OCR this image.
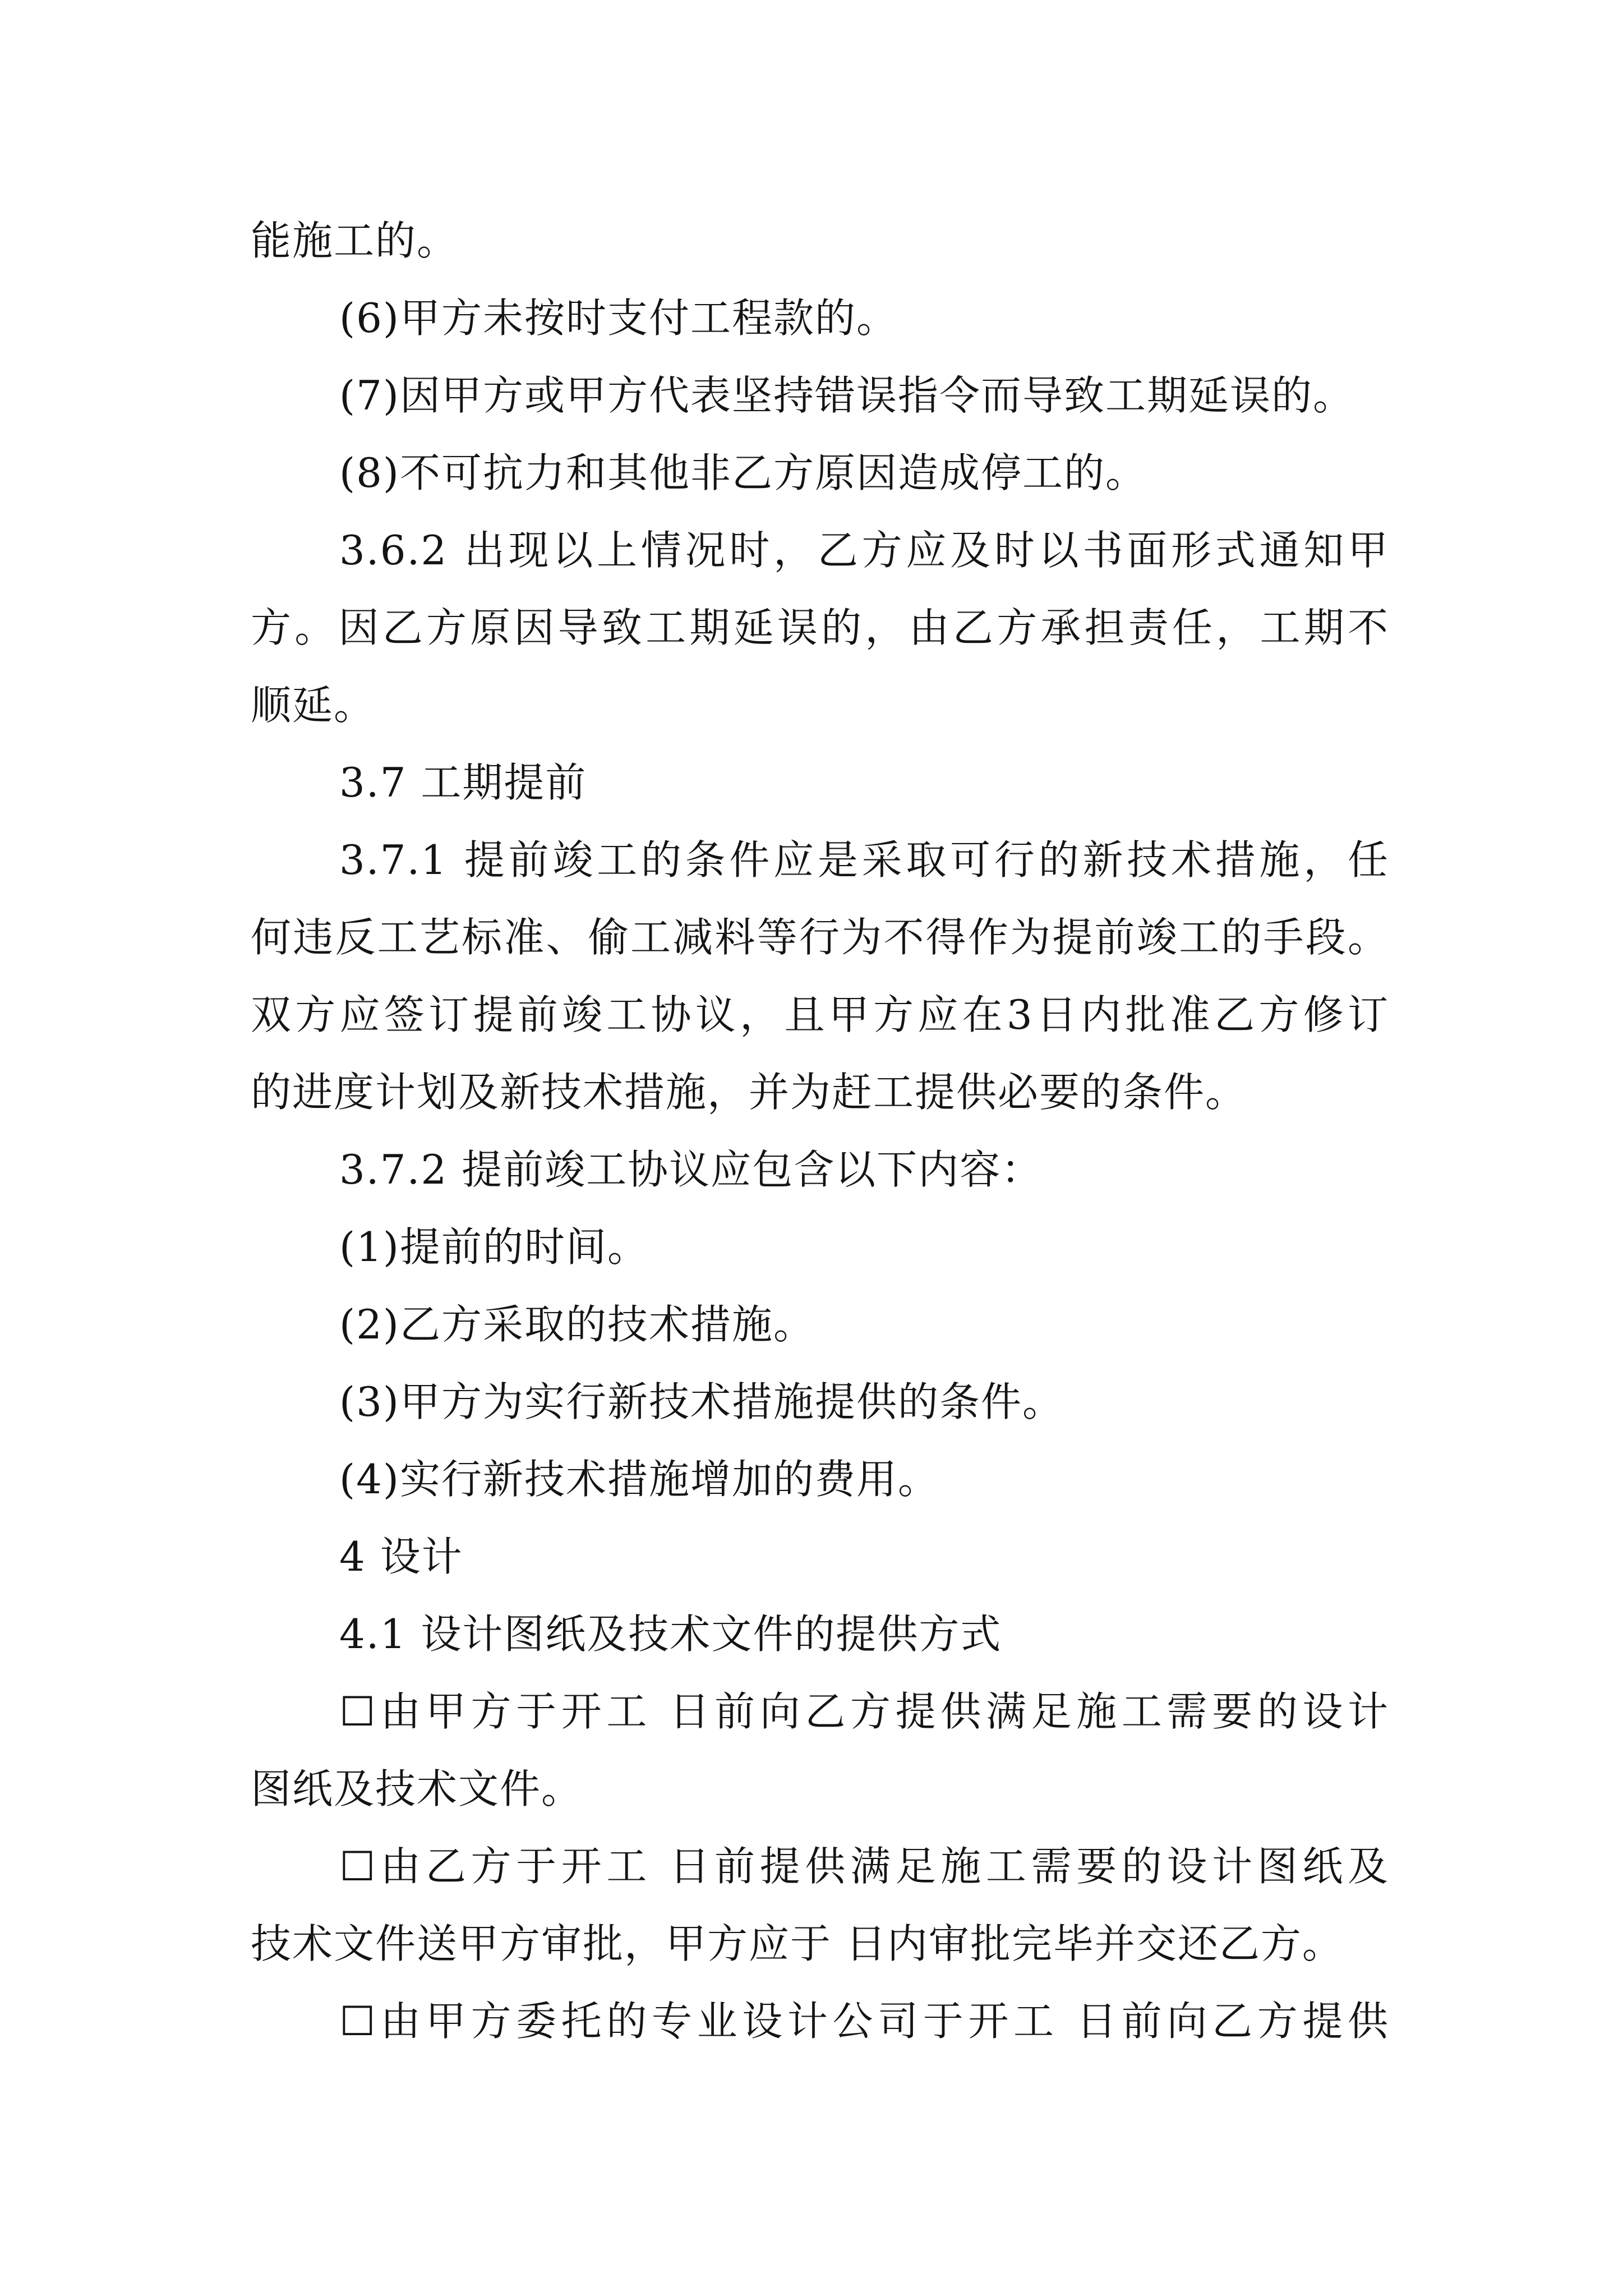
能施工的。
(6)甲方未按时支付工程款的。
(7)因甲方或甲方代表坚持错误指令而导致工期延误的。
(8)不可抗力和其他非乙方原因造成停工的。
3.6.2 出现以上情况时，乙方应及时以书面形式通知甲
方。因乙方原因导致工期延误的，由乙方承担责任，工期不
顺延。
3.7 工期提前
3.7.1 提前竣工的条件应是采取可行的新技术措施，任
何违反工艺标准、偷工减料等行为不得作为提前竣工的手段。
双方应签订提前竣工协议，且甲方应在3日内批准乙方修订
的进度计划及新技术措施，并为赶工提供必要的条件。
3.7.2 提前竣工协议应包含以下内容：
(1)提前的时间。
(2)乙方采取的技术措施。
(3)甲方为实行新技术措施提供的条件。
(4)实行新技术措施增加的费用。
4 设计
4.1 设计图纸及技术文件的提供方式
☐由甲方于开工 日前向乙方提供满足施工需要的设计
图纸及技术文件。
☐由乙方于开工 日前提供满足施工需要的设计图纸及
技术文件送甲方审批，甲方应于 日内审批完毕并交还乙方。
☐由甲方委托的专业设计公司于开工 日前向乙方提供
